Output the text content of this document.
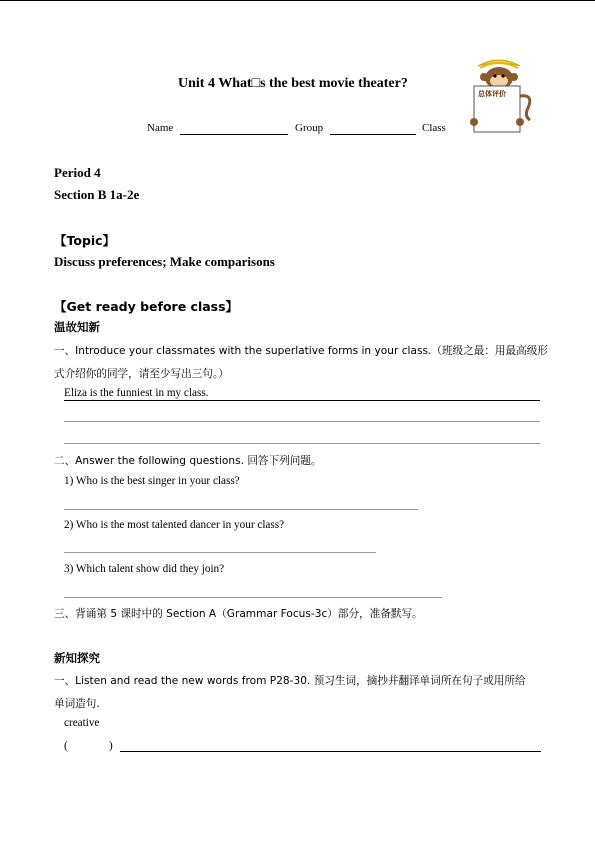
Unit 4 What□s the best movie theater?
Name	Group	Class
总体评价
Period 4
Section B 1a-2e
【Topic】
Discuss preferences; Make comparisons
【Get ready before class】
温故知新
一、Introduce your classmates with the superlative forms in your class.（班级之最：用最高级形
式介绍你的同学，请至少写出三句。）
Eliza is the funniest in my class.
二、Answer the following questions. 回答下列问题。
1) Who is the best singer in your class?
2) Who is the most talented dancer in your class?
3) Which talent show did they join?
三、背诵第 5 课时中的 Section A（Grammar Focus-3c）部分，准备默写。
新知探究
一、Listen and read the new words from P28-30. 预习生词，摘抄并翻译单词所在句子或用所给
单词造句.
creative
(	)
